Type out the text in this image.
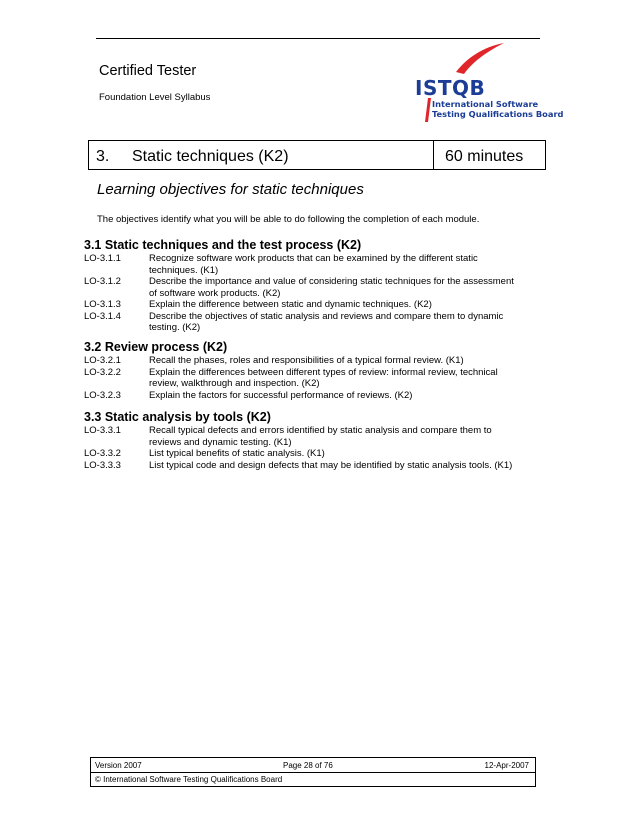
Certified Tester
Foundation Level Syllabus	ISTQB
International Software
Testing Qualifications Board
3. Static techniques (K2)	60 minutes
Learning objectives for static techniques
The objectives identify what you will be able to do following the completion of each module.
3.1 Static techniques and the test process (K2)
LO-3.1.1	Recognize software work products that can be examined by the different static
techniques. (K1)
LO-3.1.2	Describe the importance and value of considering static techniques for the assessment
of software work products. (K2)
LO-3.1.3	Explain the difference between static and dynamic techniques. (K2)
LO-3.1.4	Describe the objectives of static analysis and reviews and compare them to dynamic
testing. (K2)
3.2 Review process (K2)
LO-3.2.1	Recall the phases, roles and responsibilities of a typical formal review. (K1)
LO-3.2.2	Explain the differences between different types of review: informal review, technical
review, walkthrough and inspection. (K2)
LO-3.2.3	Explain the factors for successful performance of reviews. (K2)
3.3 Static analysis by tools (K2)
LO-3.3.1	Recall typical defects and errors identified by static analysis and compare them to
reviews and dynamic testing. (K1)
LO-3.3.2	List typical benefits of static analysis. (K1)
LO-3.3.3	List typical code and design defects that may be identified by static analysis tools. (K1)
Version 2007	Page 28 of 76	12-Apr-2007
© International Software Testing Qualifications Board
